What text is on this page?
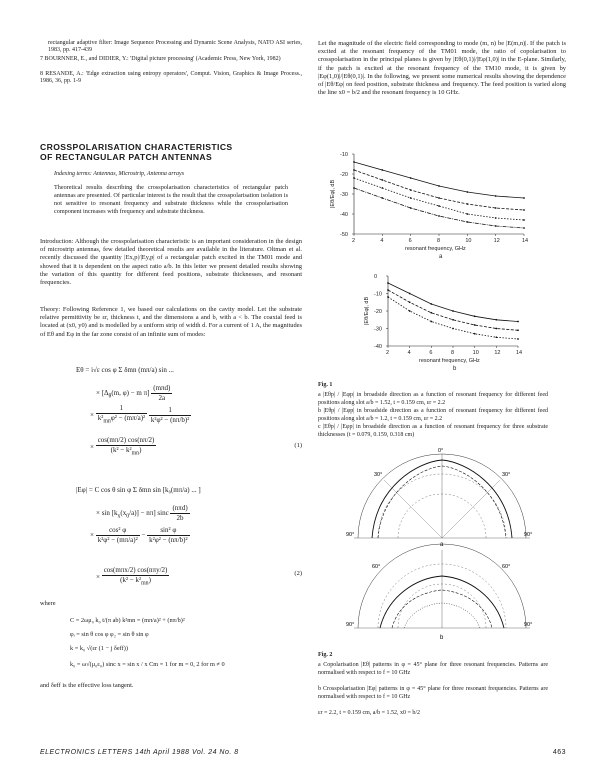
rectangular adaptive filter: Image Sequence Processing and Dynamic Scene Analysis, NATO ASI series, 1983, pp. 417-439
7 BOURNNER, E., and DIDIER, Y.: 'Digital picture processing' (Academic Press, New York, 1982)
8 RESANDE, A.: 'Edge extraction using entropy operators', Comput. Vision, Graphics & Image Process., 1986, 36, pp. 1-9
CROSSPOLARISATION CHARACTERISTICS
OF RECTANGULAR PATCH ANTENNAS
Indexing terms: Antennas, Microstrip, Antenna arrays
Theoretical results describing the crosspolarisation characteristics of rectangular patch antennas are presented. Of particular interest is the result that the crosspolarisation isolation is not sensitive to resonant frequency and substrate thickness while the crosspolarisation component increases with frequency and substrate thickness.
Introduction: Although the crosspolarisation characteristic is an important consideration in the design of microstrip antennas, few detailed theoretical results are available in the literature. Oltman et al. recently discussed the quantity |Ex,p|/|Ey,p| of a rectangular patch excited in the TM01 mode and showed that it is dependent on the aspect ratio a/b. In this letter we present detailed results showing the variation of this quantity for different feed positions, substrate thicknesses, and resonant frequencies.
Theory: Following Reference 1, we based our calculations on the cavity model. Let the substrate relative permittivity be εr, thickness t, and the dimensions a and b, with a < b. The coaxial feed is located at (x0, y0) and is modelled by a uniform strip of width d. For a current of 1 A, the magnitudes of Eθ and Eφ in the far zone consist of an infinite sum of modes:
Eθ = i√ε cos φ Σ δmn (mπ/a) sin ...
× [$\Delta_\theta(m$, φ) − m $\pi] \frac{\text{(mπd)}}{2a}$
× $\frac{1}{k^2_{mn}\varphi^2 - (m\pi/a)^2}$
$\frac{1}{\text{k²φ² − (nπ/b)²}}$
× $\frac{\cos(m\pi/2) \cos(n\pi/2)}{(k^2 - k^2_{mn})}$	(1)
|Eφ| = C cos θ sin φ Σ δmn sin [k₀(mπ/a) ... ]
× $\sin [k_x(x_0/a)] - n\pi$] sinc $\frac{\text{(nπd)}}{2b}$
× $\frac{\text{cos² φ}}{\text{k²φ² − (mπ/a)²}} - \frac{\text{sin² φ}}{\text{k²φ² − (nπ/b)²}}$
× $\frac{\text{cos(mπx/2) cos(nπy/2)}}{(k^2 - k^2_{mn})}$	(2)
where
C = 2ωμ₀ k₀ t/(π ab) k²mn = (mπ/a)² + (nπ/b)²
φᵢ = sin θ cos φ φ₂ = sin θ sin φ
k = k₀ √(εr (1 − j δeff))
k₀ = ω√(μ₀ε₀) sinc x = sin x / x Cm = 1 for m = 0, 2 for m ≠ 0
and δeff is the effective loss tangent.
Let the magnitude of the electric field corresponding to mode (m, n) be |E(m,n)|. If the patch is excited at the resonant frequency of the TM01 mode, the ratio of copolarisation to crosspolarisation in the principal planes is given by |Eθ(0,1)|/|Eφ(1,0)| in the E-plane. Similarly, if the patch is excited at the resonant frequency of the TM10 mode, it is given by |Eφ(1,0)|/|Eθ(0,1)|. In the following, we present some numerical results showing the dependence of |Eθ/Eφ| on feed position, substrate thickness and frequency. The feed position is varied along the line x0 = b/2 and the resonant frequency is 10 GHz.
2	4	6	8	10	12	14
-50
-40
-30
-20
-10
|Eθ/Eφ|, dB
resonant frequency, GHz
a
2	4	6	8	10	12	14
-40
-30
-20
-10
0
|Eθ/Eφ|, dB
resonant frequency, GHz
b
Fig. 1
a |Eθp| / |Eφp| in broadside direction as a function of resonant frequency for different feed positions along slot a/b = 1.52, t = 0.159 cm, εr = 2.2
b |Eθp| / |Eφp| in broadside direction as a function of resonant frequency for different feed positions along slot a/b = 1.2, t = 0.159 cm, εr = 2.2
c |Eθp| / |Eφp| in broadside direction as a function of resonant frequency for three substrate thicknesses (t = 0.079, 0.159, 0.318 cm)
0°
30°
90°
30°
90°
a
90°
60°	60°
90°
b
Fig. 2
a Copolarisation |Eθ| patterns in φ = 45° plane for three resonant frequencies. Patterns are normalised with respect to f = 10 GHz
b Crosspolarisation |Eφ| patterns in φ = 45° plane for three resonant frequencies. Patterns are normalised with respect to f = 10 GHz
εr = 2.2, t = 0.159 cm, a/b = 1.52, x0 = b/2
ELECTRONICS LETTERS 14th April 1988 Vol. 24 No. 8	463
